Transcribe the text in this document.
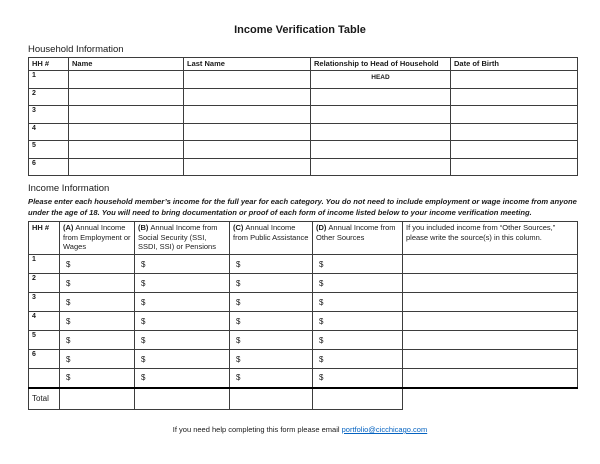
Income Verification Table
Household Information
HH #	Name	Last Name	Relationship to Head of Household	Date of Birth
1			HEAD	
2				
3				
4				
5				
6				
Income Information
Please enter each household member’s income for the full year for each category. You do not need to include employment or wage income from anyone under the age of 18. You will need to bring documentation or proof of each form of income listed below to your income verification meeting.
HH #	(A) Annual Income from Employment or Wages	(B) Annual Income from Social Security (SSI, SSDI, SSI) or Pensions	(C) Annual Income from Public Assistance	(D) Annual Income from Other Sources	If you included income from “Other Sources,” please write the source(s) in this column.
1	$	$	$	$	
2	$	$	$	$	
3	$	$	$	$	
4	$	$	$	$	
5	$	$	$	$	
6	$	$	$	$	
	$	$	$	$	
Total					
If you need help completing this form please email portfolio@cicchicago.com
